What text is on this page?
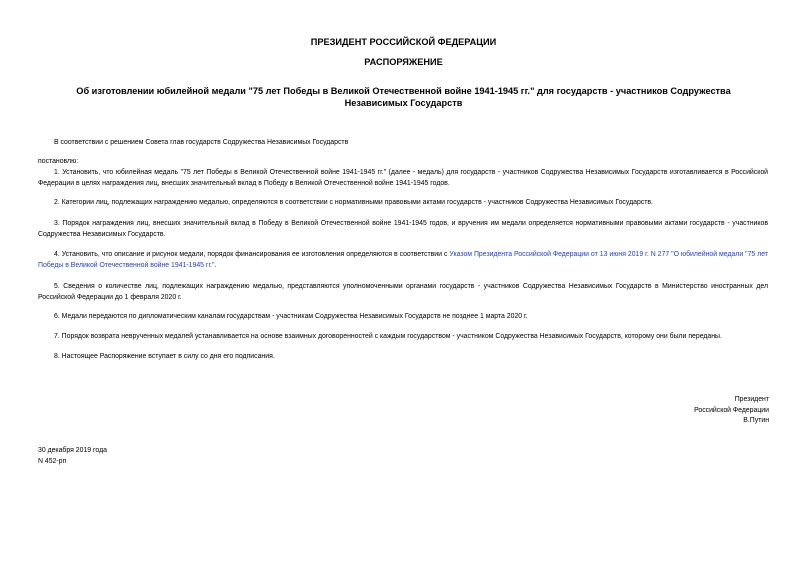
ПРЕЗИДЕНТ РОССИЙСКОЙ ФЕДЕРАЦИИ
РАСПОРЯЖЕНИЕ
Об изготовлении юбилейной медали "75 лет Победы в Великой Отечественной войне 1941-1945 гг." для государств - участников Содружества Независимых Государств
В соответствии с решением Совета глав государств Содружества Независимых Государств
постановлю:
1. Установить, что юбилейная медаль "75 лет Победы в Великой Отечественной войне 1941-1945 гг." (далее - медаль) для государств - участников Содружества Независимых Государств изготавливается в Российской Федерации в целях награждения лиц, внесших значительный вклад в Победу в Великой Отечественной войне 1941-1945 годов.
2. Категории лиц, подлежащих награждению медалью, определяются в соответствии с нормативными правовыми актами государств - участников Содружества Независимых Государств.
3. Порядок награждения лиц, внесших значительный вклад в Победу в Великой Отечественной войне 1941-1945 годов, и вручения им медали определяется нормативными правовыми актами государств - участников Содружества Независимых Государств.
4. Установить, что описание и рисунок медали, порядок финансирования ее изготовления определяются в соответствии с Указом Президента Российской Федерации от 13 июня 2019 г. N 277 "О юбилейной медали "75 лет Победы в Великой Отечественной войне 1941-1945 гг.".
5. Сведения о количестве лиц, подлежащих награждению медалью, представляются уполномоченными органами государств - участников Содружества Независимых Государств в Министерство иностранных дел Российской Федерации до 1 февраля 2020 г.
6. Медали передаются по дипломатическим каналам государствам - участникам Содружества Независимых Государств не позднее 1 марта 2020 г.
7. Порядок возврата неврученных медалей устанавливается на основе взаимных договоренностей с каждым государством - участником Содружества Независимых Государств, которому они были переданы.
8. Настоящее Распоряжение вступает в силу со дня его подписания.
Президент
Российской Федерации
В.Путин
30 декабря 2019 года
N 452-рп
